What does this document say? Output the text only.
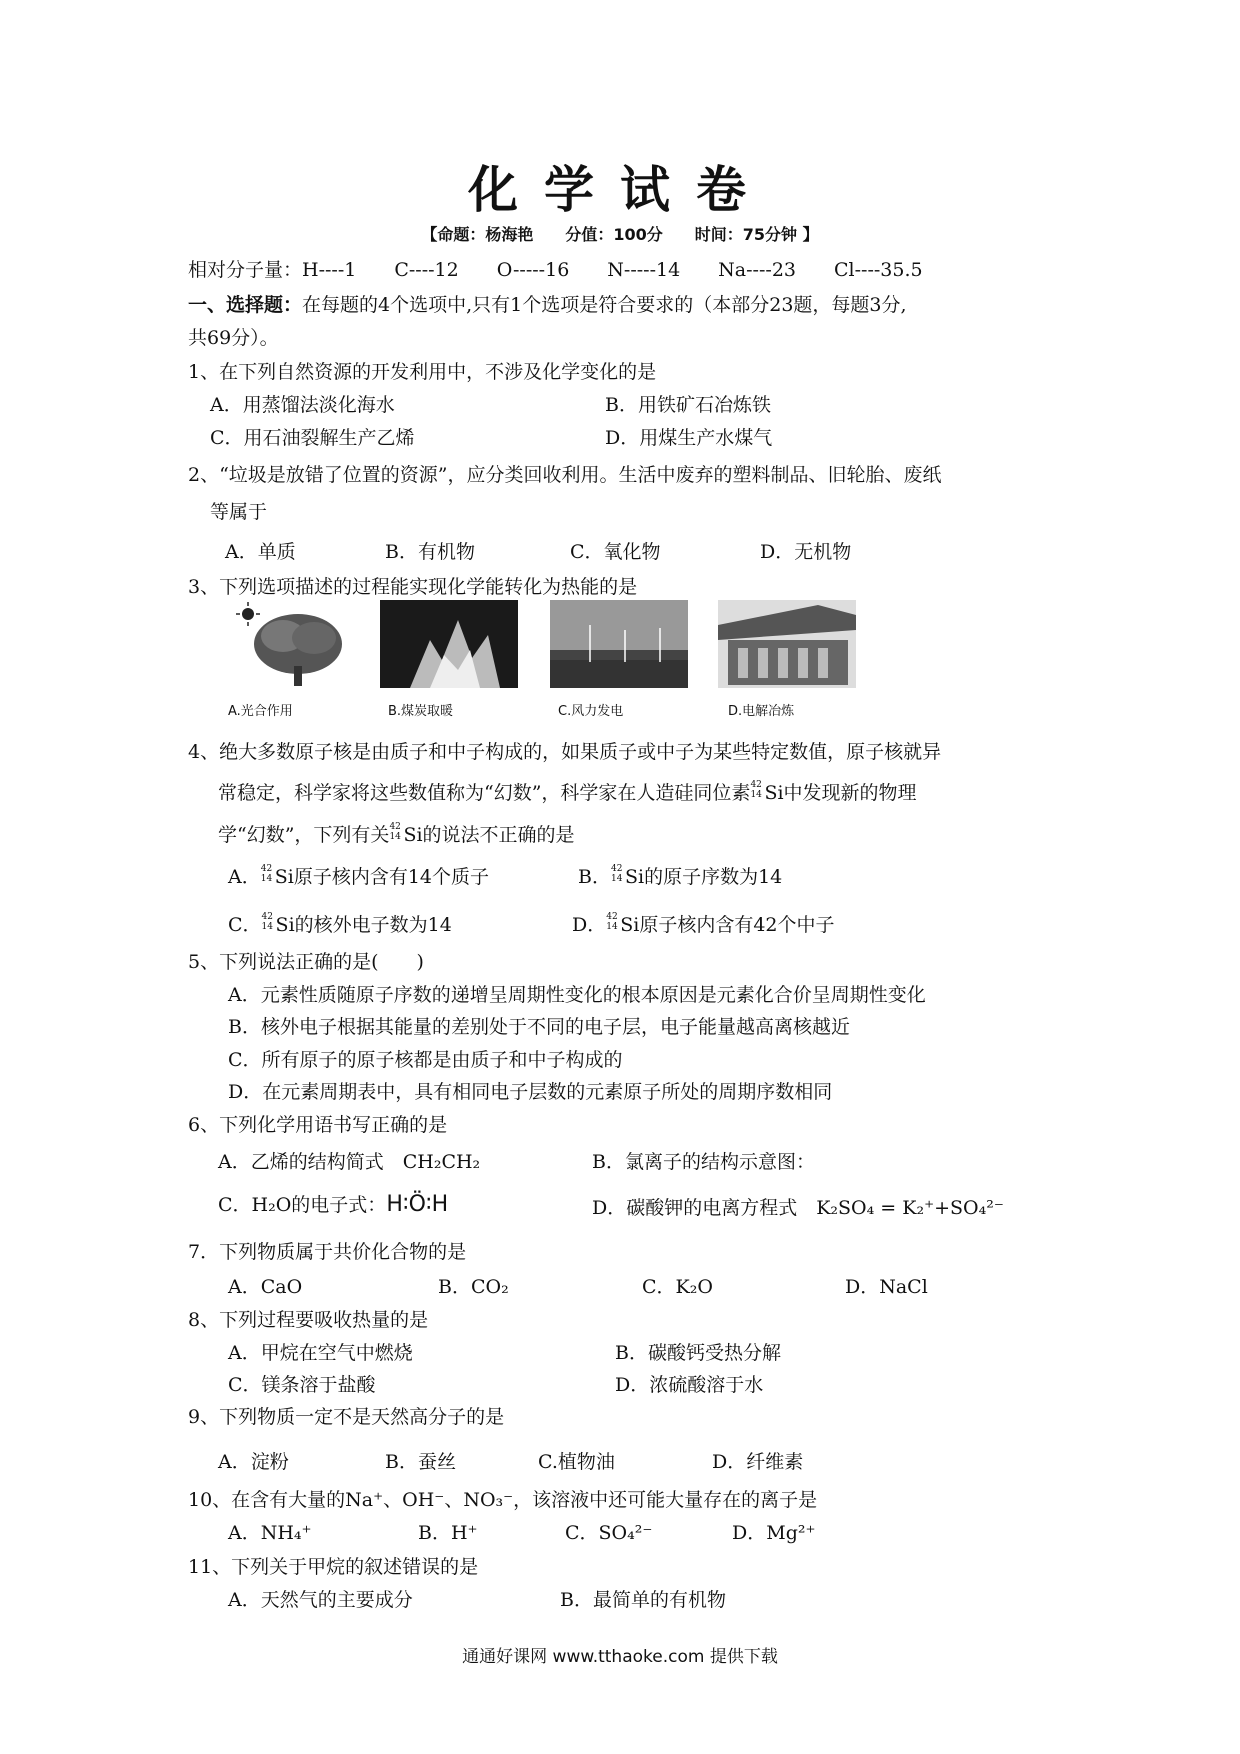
化学试卷
【命题：杨海艳　　分值：100分　　时间：75分钟 】
相对分子量：H----1　　C----12　　O-----16　　N-----14　　Na----23　　Cl----35.5
一、选择题：在每题的4个选项中,只有1个选项是符合要求的（本部分23题，每题3分,
共69分）。
1、在下列自然资源的开发利用中，不涉及化学变化的是
A．用蒸馏法淡化海水	B．用铁矿石冶炼铁
C．用石油裂解生产乙烯	D．用煤生产水煤气
2、“垃圾是放错了位置的资源”，应分类回收利用。生活中废弃的塑料制品、旧轮胎、废纸
等属于
A．单质	B．有机物	C．氧化物	D．无机物
3、下列选项描述的过程能实现化学能转化为热能的是
A.光合作用	B.煤炭取暖	C.风力发电	D.电解冶炼
4、绝大多数原子核是由质子和中子构成的，如果质子或中子为某些特定数值，原子核就异
常稳定，科学家将这些数值称为“幻数”，科学家在人造硅同位素 42
14 Si中发现新的物理
学“幻数”，下列有关 42
14 Si的说法不正确的是
A． 42
14 Si原子核内含有14个质子	B． 42
14 Si的原子序数为14
C． 42
14 Si的核外电子数为14	D． 42
14 Si原子核内含有42个中子
5、下列说法正确的是(　　)
A．元素性质随原子序数的递增呈周期性变化的根本原因是元素化合价呈周期性变化
B．核外电子根据其能量的差别处于不同的电子层，电子能量越高离核越近
C．所有原子的原子核都是由质子和中子构成的
D．在元素周期表中，具有相同电子层数的元素原子所处的周期序数相同
6、下列化学用语书写正确的是
A．乙烯的结构简式　CH₂CH₂	B．氯离子的结构示意图：
C．H₂O的电子式：H∶Ö∶H	D．碳酸钾的电离方程式　K₂SO₄ = K₂⁺+SO₄²⁻
7．下列物质属于共价化合物的是
A．CaO	B．CO₂	C．K₂O	D．NaCl
8、下列过程要吸收热量的是
A．甲烷在空气中燃烧	B．碳酸钙受热分解
C．镁条溶于盐酸	D．浓硫酸溶于水
9、下列物质一定不是天然高分子的是
A．淀粉	B．蚕丝	C.植物油	D．纤维素
10、在含有大量的Na⁺、OH⁻、NO₃⁻，该溶液中还可能大量存在的离子是
A．NH₄⁺	B．H⁺	C．SO₄²⁻	D．Mg²⁺
11、下列关于甲烷的叙述错误的是
A．天然气的主要成分	B．最简单的有机物
通通好课网 www.tthaoke.com 提供下载
